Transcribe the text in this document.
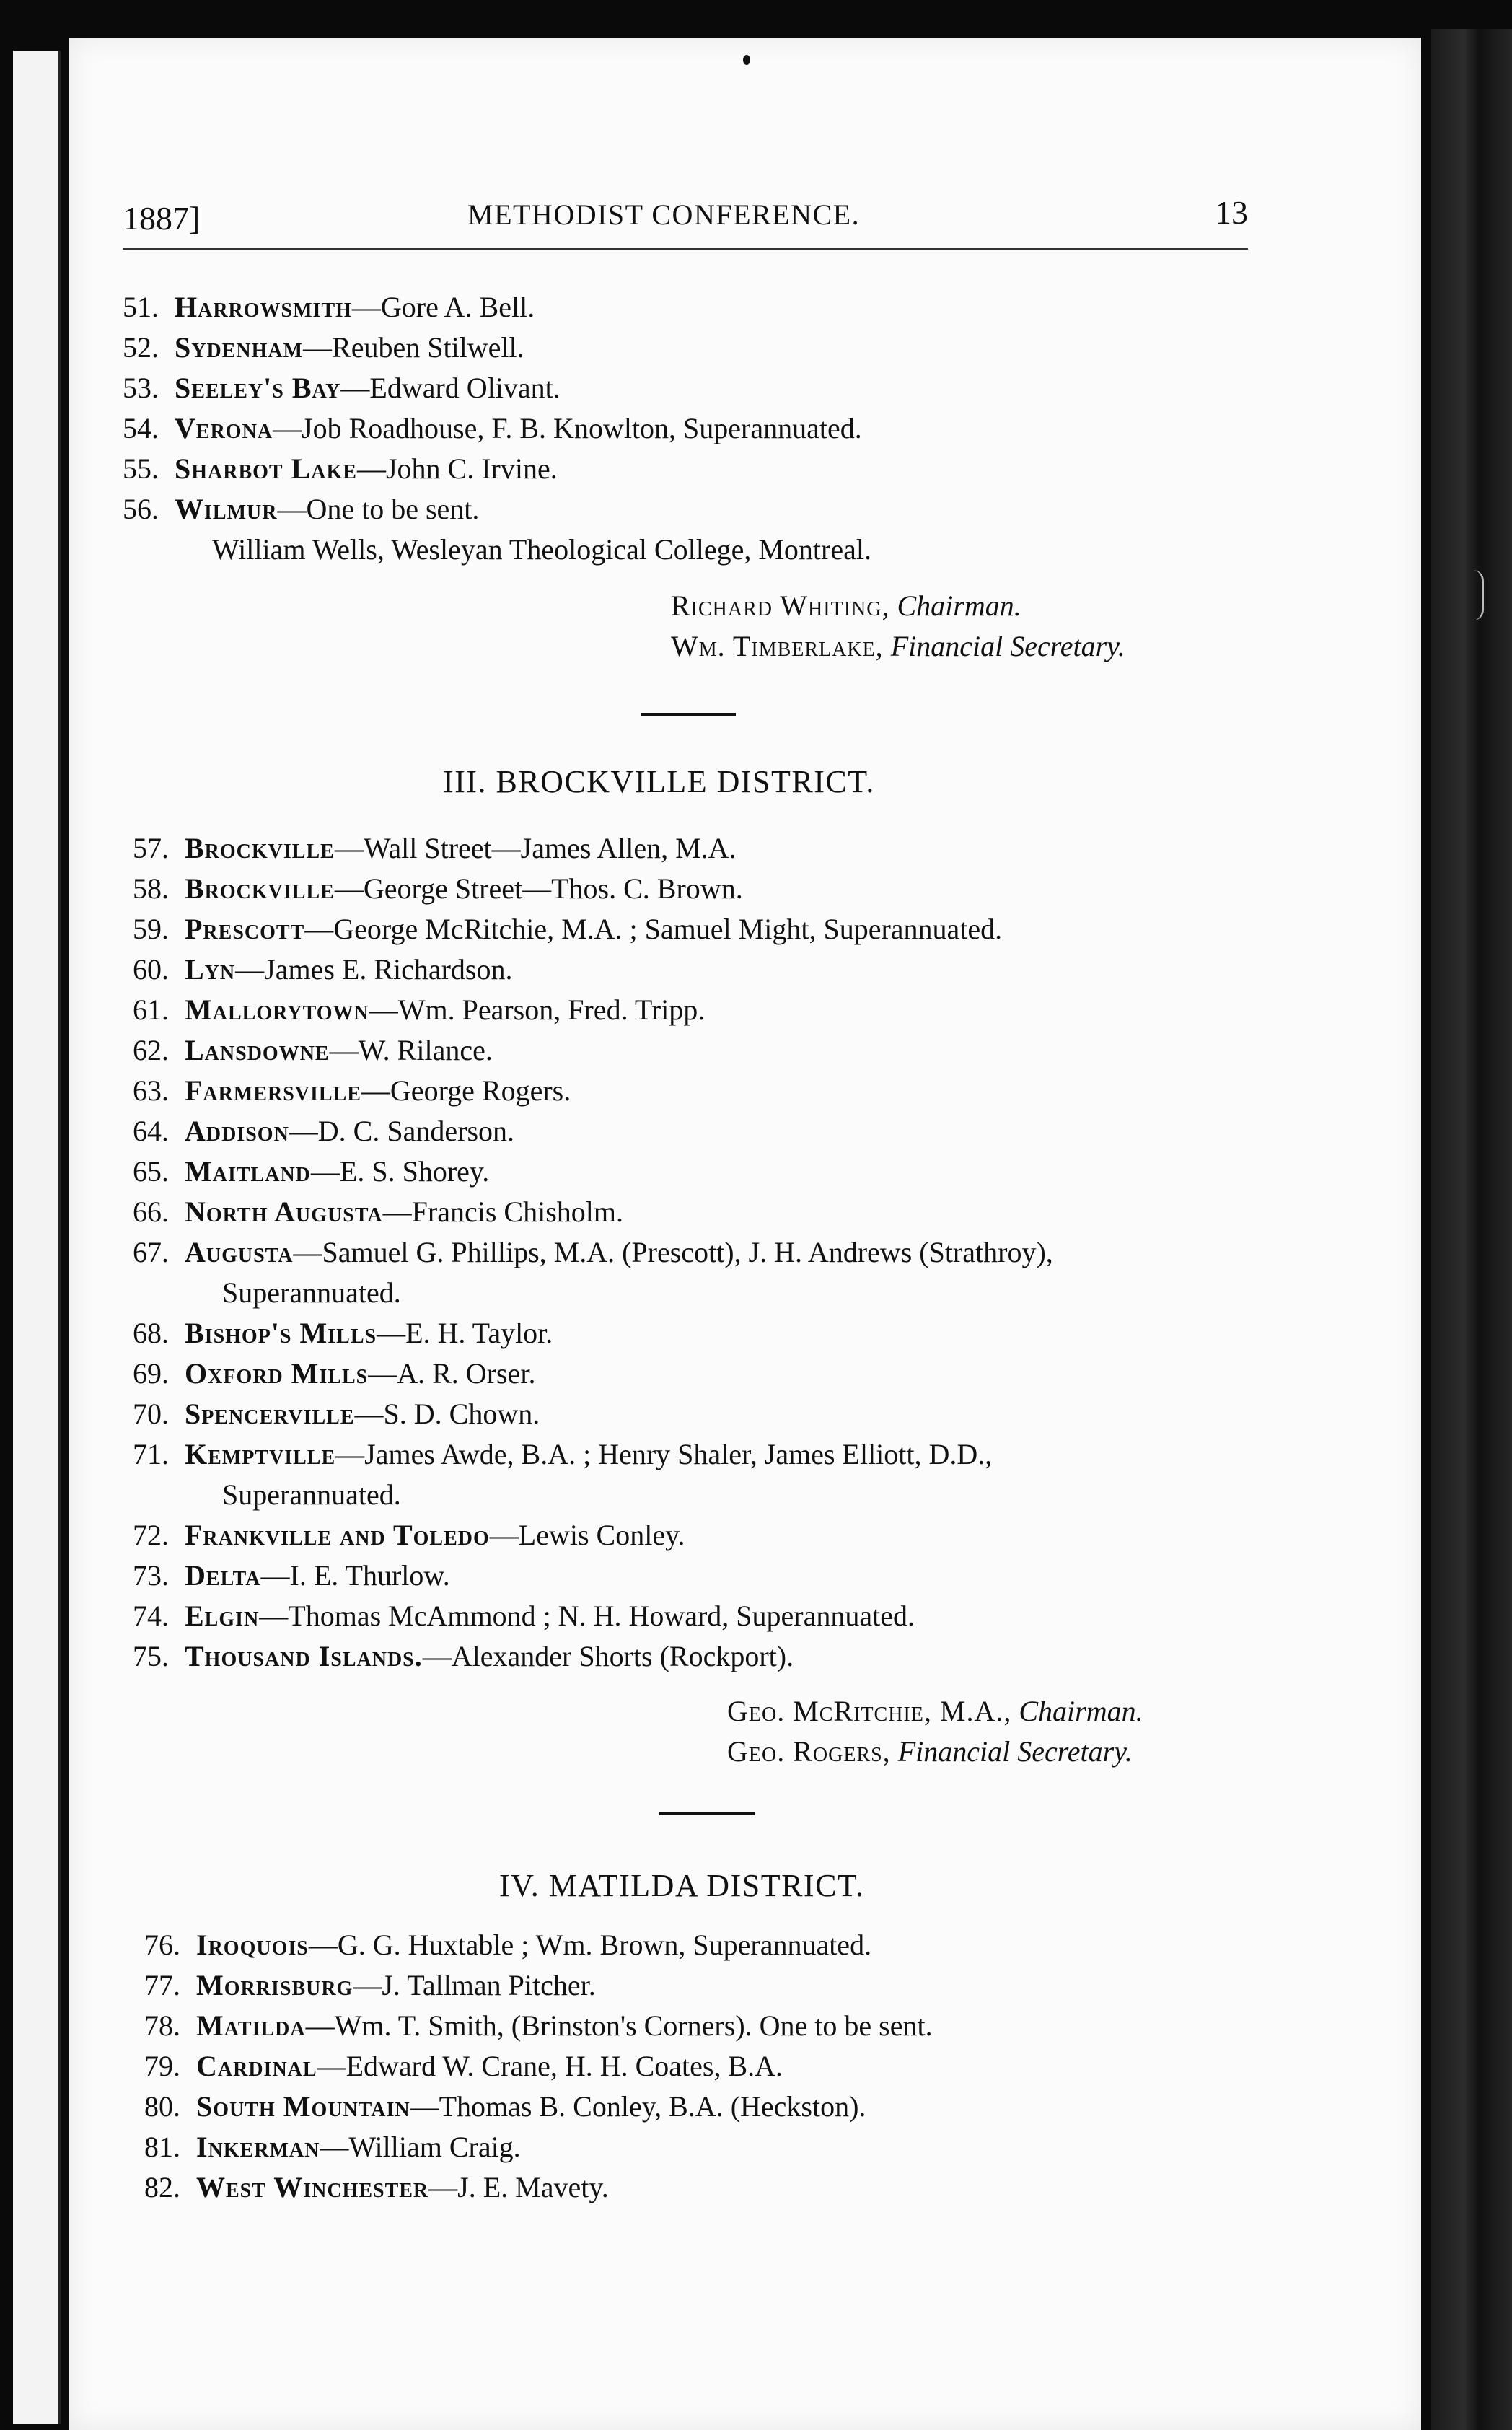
1887]	METHODIST CONFERENCE.	13
51. Harrowsmith—Gore A. Bell.
52. Sydenham—Reuben Stilwell.
53. Seeley's Bay—Edward Olivant.
54. Verona—Job Roadhouse, F. B. Knowlton, Superannuated.
55. Sharbot Lake—John C. Irvine.
56. Wilmur—One to be sent.
William Wells, Wesleyan Theological College, Montreal.
Richard Whiting, Chairman.
Wm. Timberlake, Financial Secretary.
III. BROCKVILLE DISTRICT.
57. Brockville—Wall Street—James Allen, M.A.
58. Brockville—George Street—Thos. C. Brown.
59. Prescott—George McRitchie, M.A. ; Samuel Might, Superannuated.
60. Lyn—James E. Richardson.
61. Mallorytown—Wm. Pearson, Fred. Tripp.
62. Lansdowne—W. Rilance.
63. Farmersville—George Rogers.
64. Addison—D. C. Sanderson.
65. Maitland—E. S. Shorey.
66. North Augusta—Francis Chisholm.
67. Augusta—Samuel G. Phillips, M.A. (Prescott), J. H. Andrews (Strathroy),
Superannuated.
68. Bishop's Mills—E. H. Taylor.
69. Oxford Mills—A. R. Orser.
70. Spencerville—S. D. Chown.
71. Kemptville—James Awde, B.A. ; Henry Shaler, James Elliott, D.D.,
Superannuated.
72. Frankville and Toledo—Lewis Conley.
73. Delta—I. E. Thurlow.
74. Elgin—Thomas McAmmond ; N. H. Howard, Superannuated.
75. Thousand Islands.—Alexander Shorts (Rockport).
Geo. McRitchie, M.A., Chairman.
Geo. Rogers, Financial Secretary.
IV. MATILDA DISTRICT.
76. Iroquois—G. G. Huxtable ; Wm. Brown, Superannuated.
77. Morrisburg—J. Tallman Pitcher.
78. Matilda—Wm. T. Smith, (Brinston's Corners). One to be sent.
79. Cardinal—Edward W. Crane, H. H. Coates, B.A.
80. South Mountain—Thomas B. Conley, B.A. (Heckston).
81. Inkerman—William Craig.
82. West Winchester—J. E. Mavety.
